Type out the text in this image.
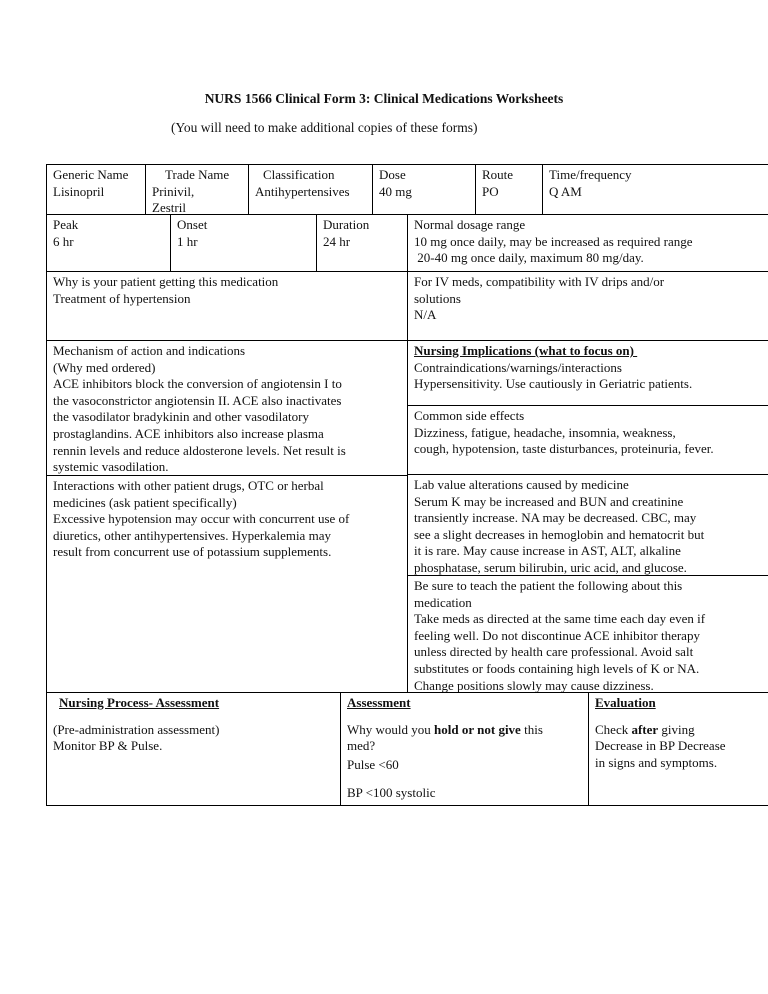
NURS 1566 Clinical Form 3: Clinical Medications Worksheets
(You will need to make additional copies of these forms)
Generic Name
Lisinopril
Trade Name
Prinivil,
Zestril
Classification
Antihypertensives
Dose
40 mg
Route
PO
Time/frequency
Q AM
Peak
6 hr
Onset
1 hr
Duration
24 hr
Normal dosage range
10 mg once daily, may be increased as required range
20-40 mg once daily, maximum 80 mg/day.
Why is your patient getting this medication
Treatment of hypertension
For IV meds, compatibility with IV drips and/or
solutions
N/A
Mechanism of action and indications
(Why med ordered)
ACE inhibitors block the conversion of angiotensin I to
the vasoconstrictor angiotensin II. ACE also inactivates
the vasodilator bradykinin and other vasodilatory
prostaglandins. ACE inhibitors also increase plasma
rennin levels and reduce aldosterone levels. Net result is
systemic vasodilation.
Nursing Implications (what to focus on)
Contraindications/warnings/interactions
Hypersensitivity. Use cautiously in Geriatric patients.
Common side effects
Dizziness, fatigue, headache, insomnia, weakness,
cough, hypotension, taste disturbances, proteinuria, fever.
Interactions with other patient drugs, OTC or herbal
medicines (ask patient specifically)
Excessive hypotension may occur with concurrent use of
diuretics, other antihypertensives. Hyperkalemia may
result from concurrent use of potassium supplements.
Lab value alterations caused by medicine
Serum K may be increased and BUN and creatinine
transiently increase. NA may be decreased. CBC, may
see a slight decreases in hemoglobin and hematocrit but
it is rare. May cause increase in AST, ALT, alkaline
phosphatase, serum bilirubin, uric acid, and glucose.
Be sure to teach the patient the following about this
medication
Take meds as directed at the same time each day even if
feeling well. Do not discontinue ACE inhibitor therapy
unless directed by health care professional. Avoid salt
substitutes or foods containing high levels of K or NA.
Change positions slowly may cause dizziness.
Nursing Process- Assessment
(Pre-administration assessment)
Monitor BP & Pulse.
Assessment
Why would you hold or not give this
med?
Pulse <60
BP <100 systolic
Evaluation
Check after giving
Decrease in BP Decrease
in signs and symptoms.
